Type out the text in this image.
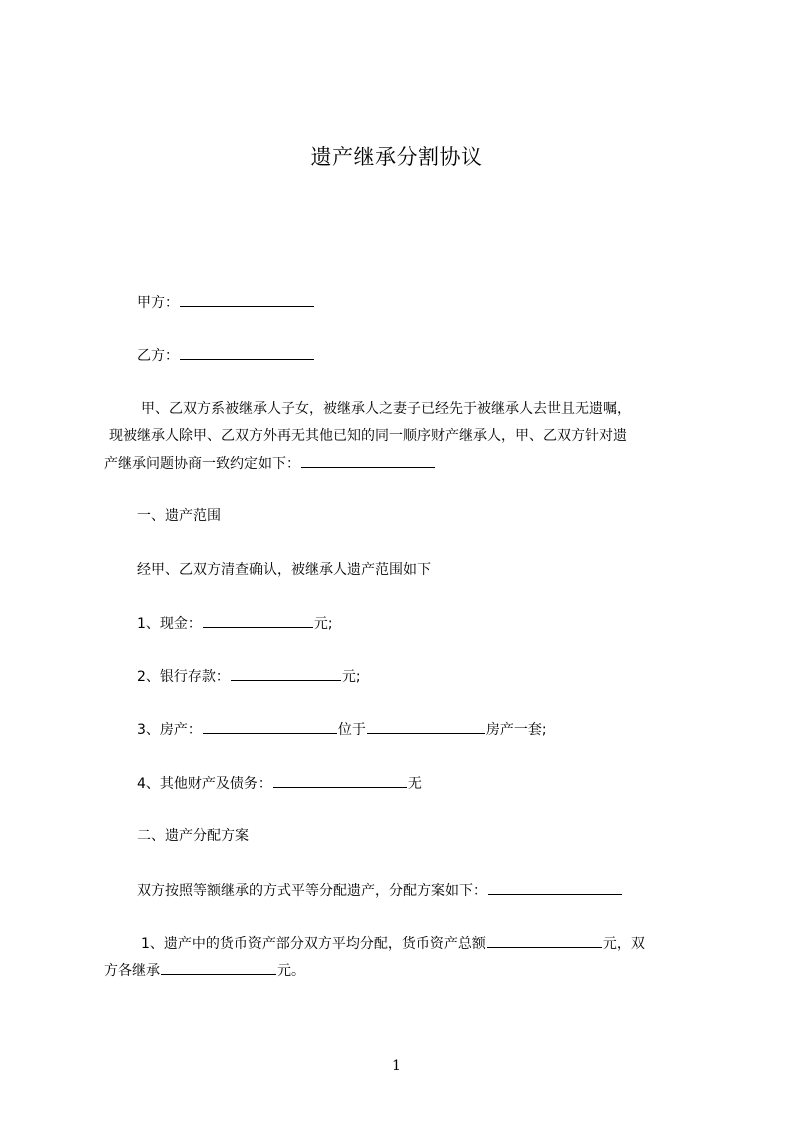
遗产继承分割协议
甲方：
乙方：
甲、乙双方系被继承人子女，被继承人之妻子已经先于被继承人去世且无遗嘱，
现被继承人除甲、乙双方外再无其他已知的同一顺序财产继承人，甲、乙双方针对遗
产继承问题协商一致约定如下：
一、遗产范围
经甲、乙双方清查确认，被继承人遗产范围如下
1、现金：	元;
2、银行存款：	元;
3、房产：	位于	房产一套;
4、其他财产及债务：	无
二、遗产分配方案
双方按照等额继承的方式平等分配遗产，分配方案如下：
1、遗产中的货币资产部分双方平均分配，货币资产总额	元，双
方各继承	元。
1
